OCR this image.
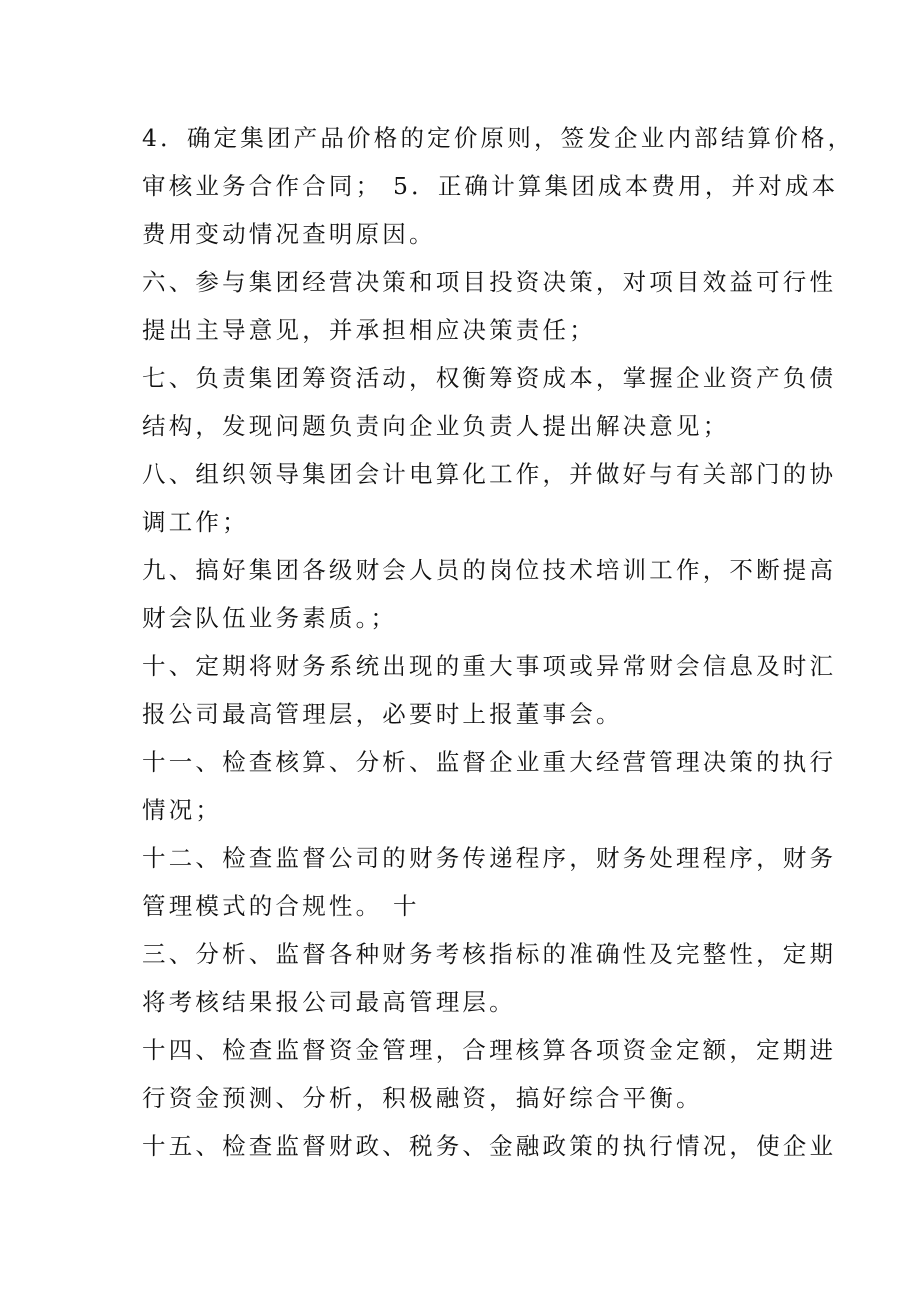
4．确定集团产品价格的定价原则，签发企业内部结算价格，
审核业务合作合同； 5．正确计算集团成本费用，并对成本
费用变动情况查明原因。
六、参与集团经营决策和项目投资决策，对项目效益可行性
提出主导意见，并承担相应决策责任；
七、负责集团筹资活动，权衡筹资成本，掌握企业资产负债
结构，发现问题负责向企业负责人提出解决意见；
八、组织领导集团会计电算化工作，并做好与有关部门的协
调工作；
九、搞好集团各级财会人员的岗位技术培训工作，不断提高
财会队伍业务素质。；
十、定期将财务系统出现的重大事项或异常财会信息及时汇
报公司最高管理层，必要时上报董事会。
十一、检查核算、分析、监督企业重大经营管理决策的执行
情况；
十二、检查监督公司的财务传递程序，财务处理程序，财务
管理模式的合规性。 十
三、分析、监督各种财务考核指标的准确性及完整性，定期
将考核结果报公司最高管理层。
十四、检查监督资金管理，合理核算各项资金定额，定期进
行资金预测、分析，积极融资，搞好综合平衡。
十五、检查监督财政、税务、金融政策的执行情况，使企业
